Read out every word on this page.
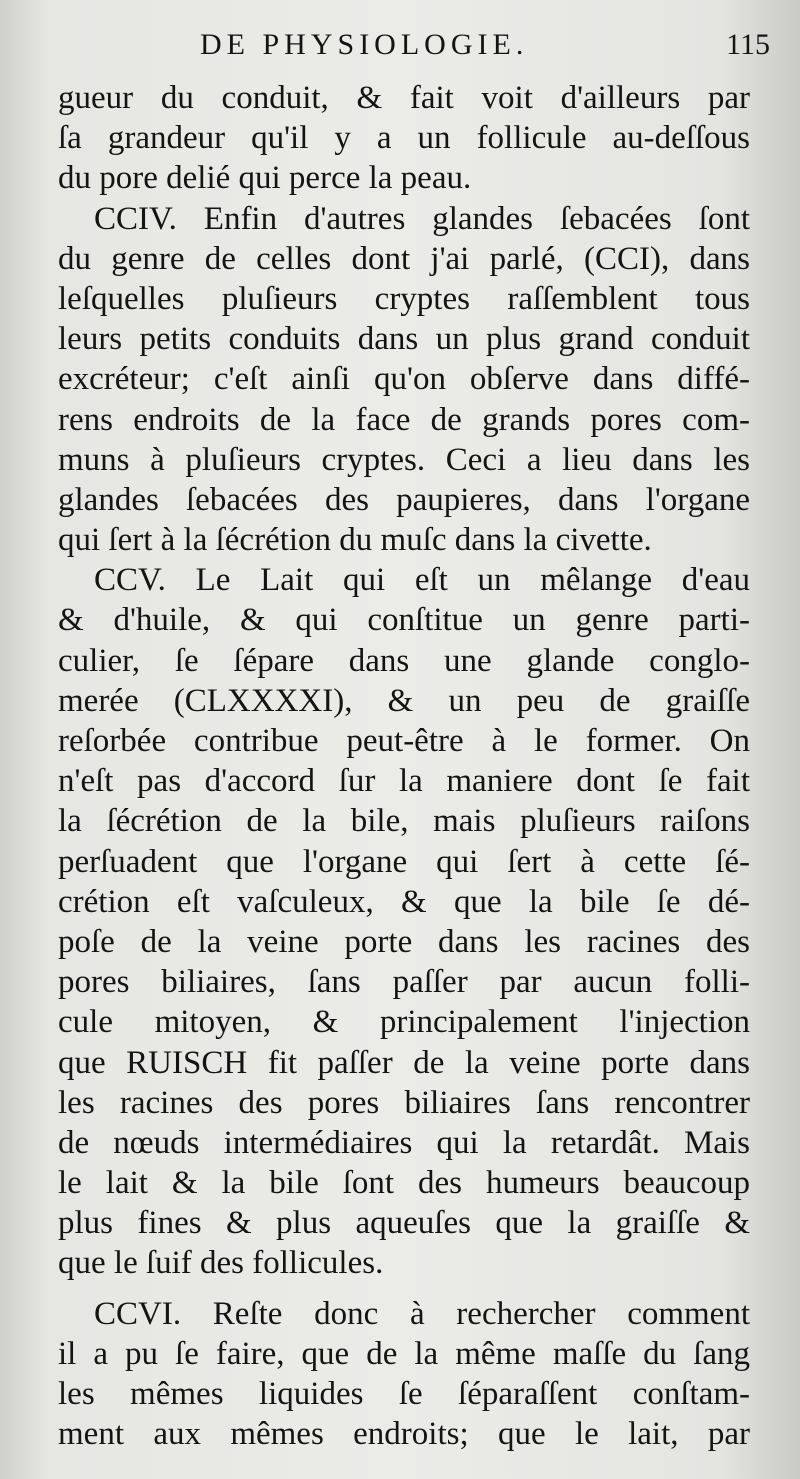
DE PHYSIOLOGIE.	115
gueur du conduit, & fait voit d'ailleurs par
ſa grandeur qu'il y a un follicule au-deſſous
du pore delié qui perce la peau.
CCIV. Enfin d'autres glandes ſebacées ſont
du genre de celles dont j'ai parlé, (CCI), dans
leſquelles pluſieurs cryptes raſſemblent tous
leurs petits conduits dans un plus grand conduit
excréteur; c'eſt ainſi qu'on obſerve dans diffé-
rens endroits de la face de grands pores com-
muns à pluſieurs cryptes. Ceci a lieu dans les
glandes ſebacées des paupieres, dans l'organe
qui ſert à la ſécrétion du muſc dans la civette.
CCV. Le Lait qui eſt un mêlange d'eau
& d'huile, & qui conſtitue un genre parti-
culier, ſe ſépare dans une glande conglo-
merée (CLXXXXI), & un peu de graiſſe
reſorbée contribue peut-être à le former. On
n'eſt pas d'accord ſur la maniere dont ſe fait
la ſécrétion de la bile, mais pluſieurs raiſons
perſuadent que l'organe qui ſert à cette ſé-
crétion eſt vaſculeux, & que la bile ſe dé-
poſe de la veine porte dans les racines des
pores biliaires, ſans paſſer par aucun folli-
cule mitoyen, & principalement l'injection
que RUISCH fit paſſer de la veine porte dans
les racines des pores biliaires ſans rencontrer
de nœuds intermédiaires qui la retardât. Mais
le lait & la bile ſont des humeurs beaucoup
plus fines & plus aqueuſes que la graiſſe &
que le ſuif des follicules.
CCVI. Reſte donc à rechercher comment
il a pu ſe faire, que de la même maſſe du ſang
les mêmes liquides ſe ſéparaſſent conſtam-
ment aux mêmes endroits; que le lait, par
